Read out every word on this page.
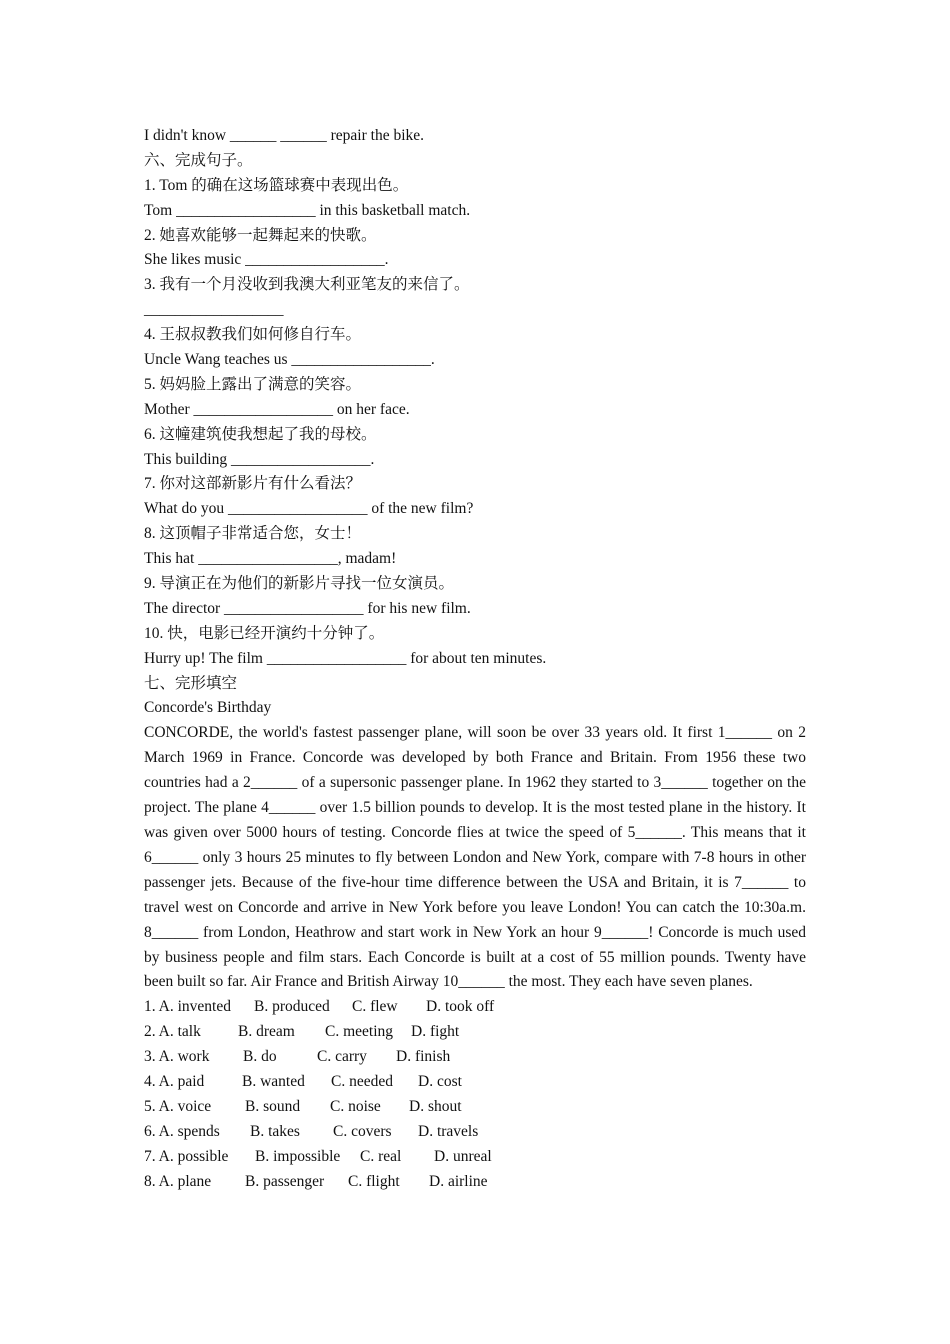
I didn't know ______ ______ repair the bike.
六、完成句子。
1. Tom 的确在这场篮球赛中表现出色。
Tom __________________ in this basketball match.
2. 她喜欢能够一起舞起来的快歌。
She likes music __________________.
3. 我有一个月没收到我澳大利亚笔友的来信了。
__________________
4. 王叔叔教我们如何修自行车。
Uncle Wang teaches us __________________.
5. 妈妈脸上露出了满意的笑容。
Mother __________________ on her face.
6. 这幢建筑使我想起了我的母校。
This building __________________.
7. 你对这部新影片有什么看法？
What do you __________________ of the new film?
8. 这顶帽子非常适合您，女士！
This hat __________________, madam!
9. 导演正在为他们的新影片寻找一位女演员。
The director __________________ for his new film.
10. 快，电影已经开演约十分钟了。
Hurry up! The film __________________ for about ten minutes.
七、完形填空
Concorde's Birthday
CONCORDE, the world's fastest passenger plane, will soon be over 33 years old. It first 1______ on 2 March 1969 in France. Concorde was developed by both France and Britain. From 1956 these two countries had a 2______ of a supersonic passenger plane. In 1962 they started to 3______ together on the project. The plane 4______ over 1.5 billion pounds to develop. It is the most tested plane in the history. It was given over 5000 hours of testing. Concorde flies at twice the speed of 5______. This means that it 6______ only 3 hours 25 minutes to fly between London and New York, compare with 7-8 hours in other passenger jets. Because of the five-hour time difference between the USA and Britain, it is 7______ to travel west on Concorde and arrive in New York before you leave London! You can catch the 10:30a.m. 8______ from London, Heathrow and start work in New York an hour 9______! Concorde is much used by business people and film stars. Each Concorde is built at a cost of 55 million pounds. Twenty have been built so far. Air France and British Airway 10______ the most. They each have seven planes.

1. A. invented

B. produced

C. flew

D. took off

2. A. talk

B. dream

C. meeting

D. fight

3. A. work

B. do

	C. carry

D. finish

4. A. paid

B. wanted

C. needed

D. cost

5. A. voice

B. sound

C. noise

D. shout

6. A. spends

B. takes

C. covers

D. travels

7. A. possible

B. impossible

C. real

D. unreal

8. A. plane

B. passenger

C. flight

D. airline
